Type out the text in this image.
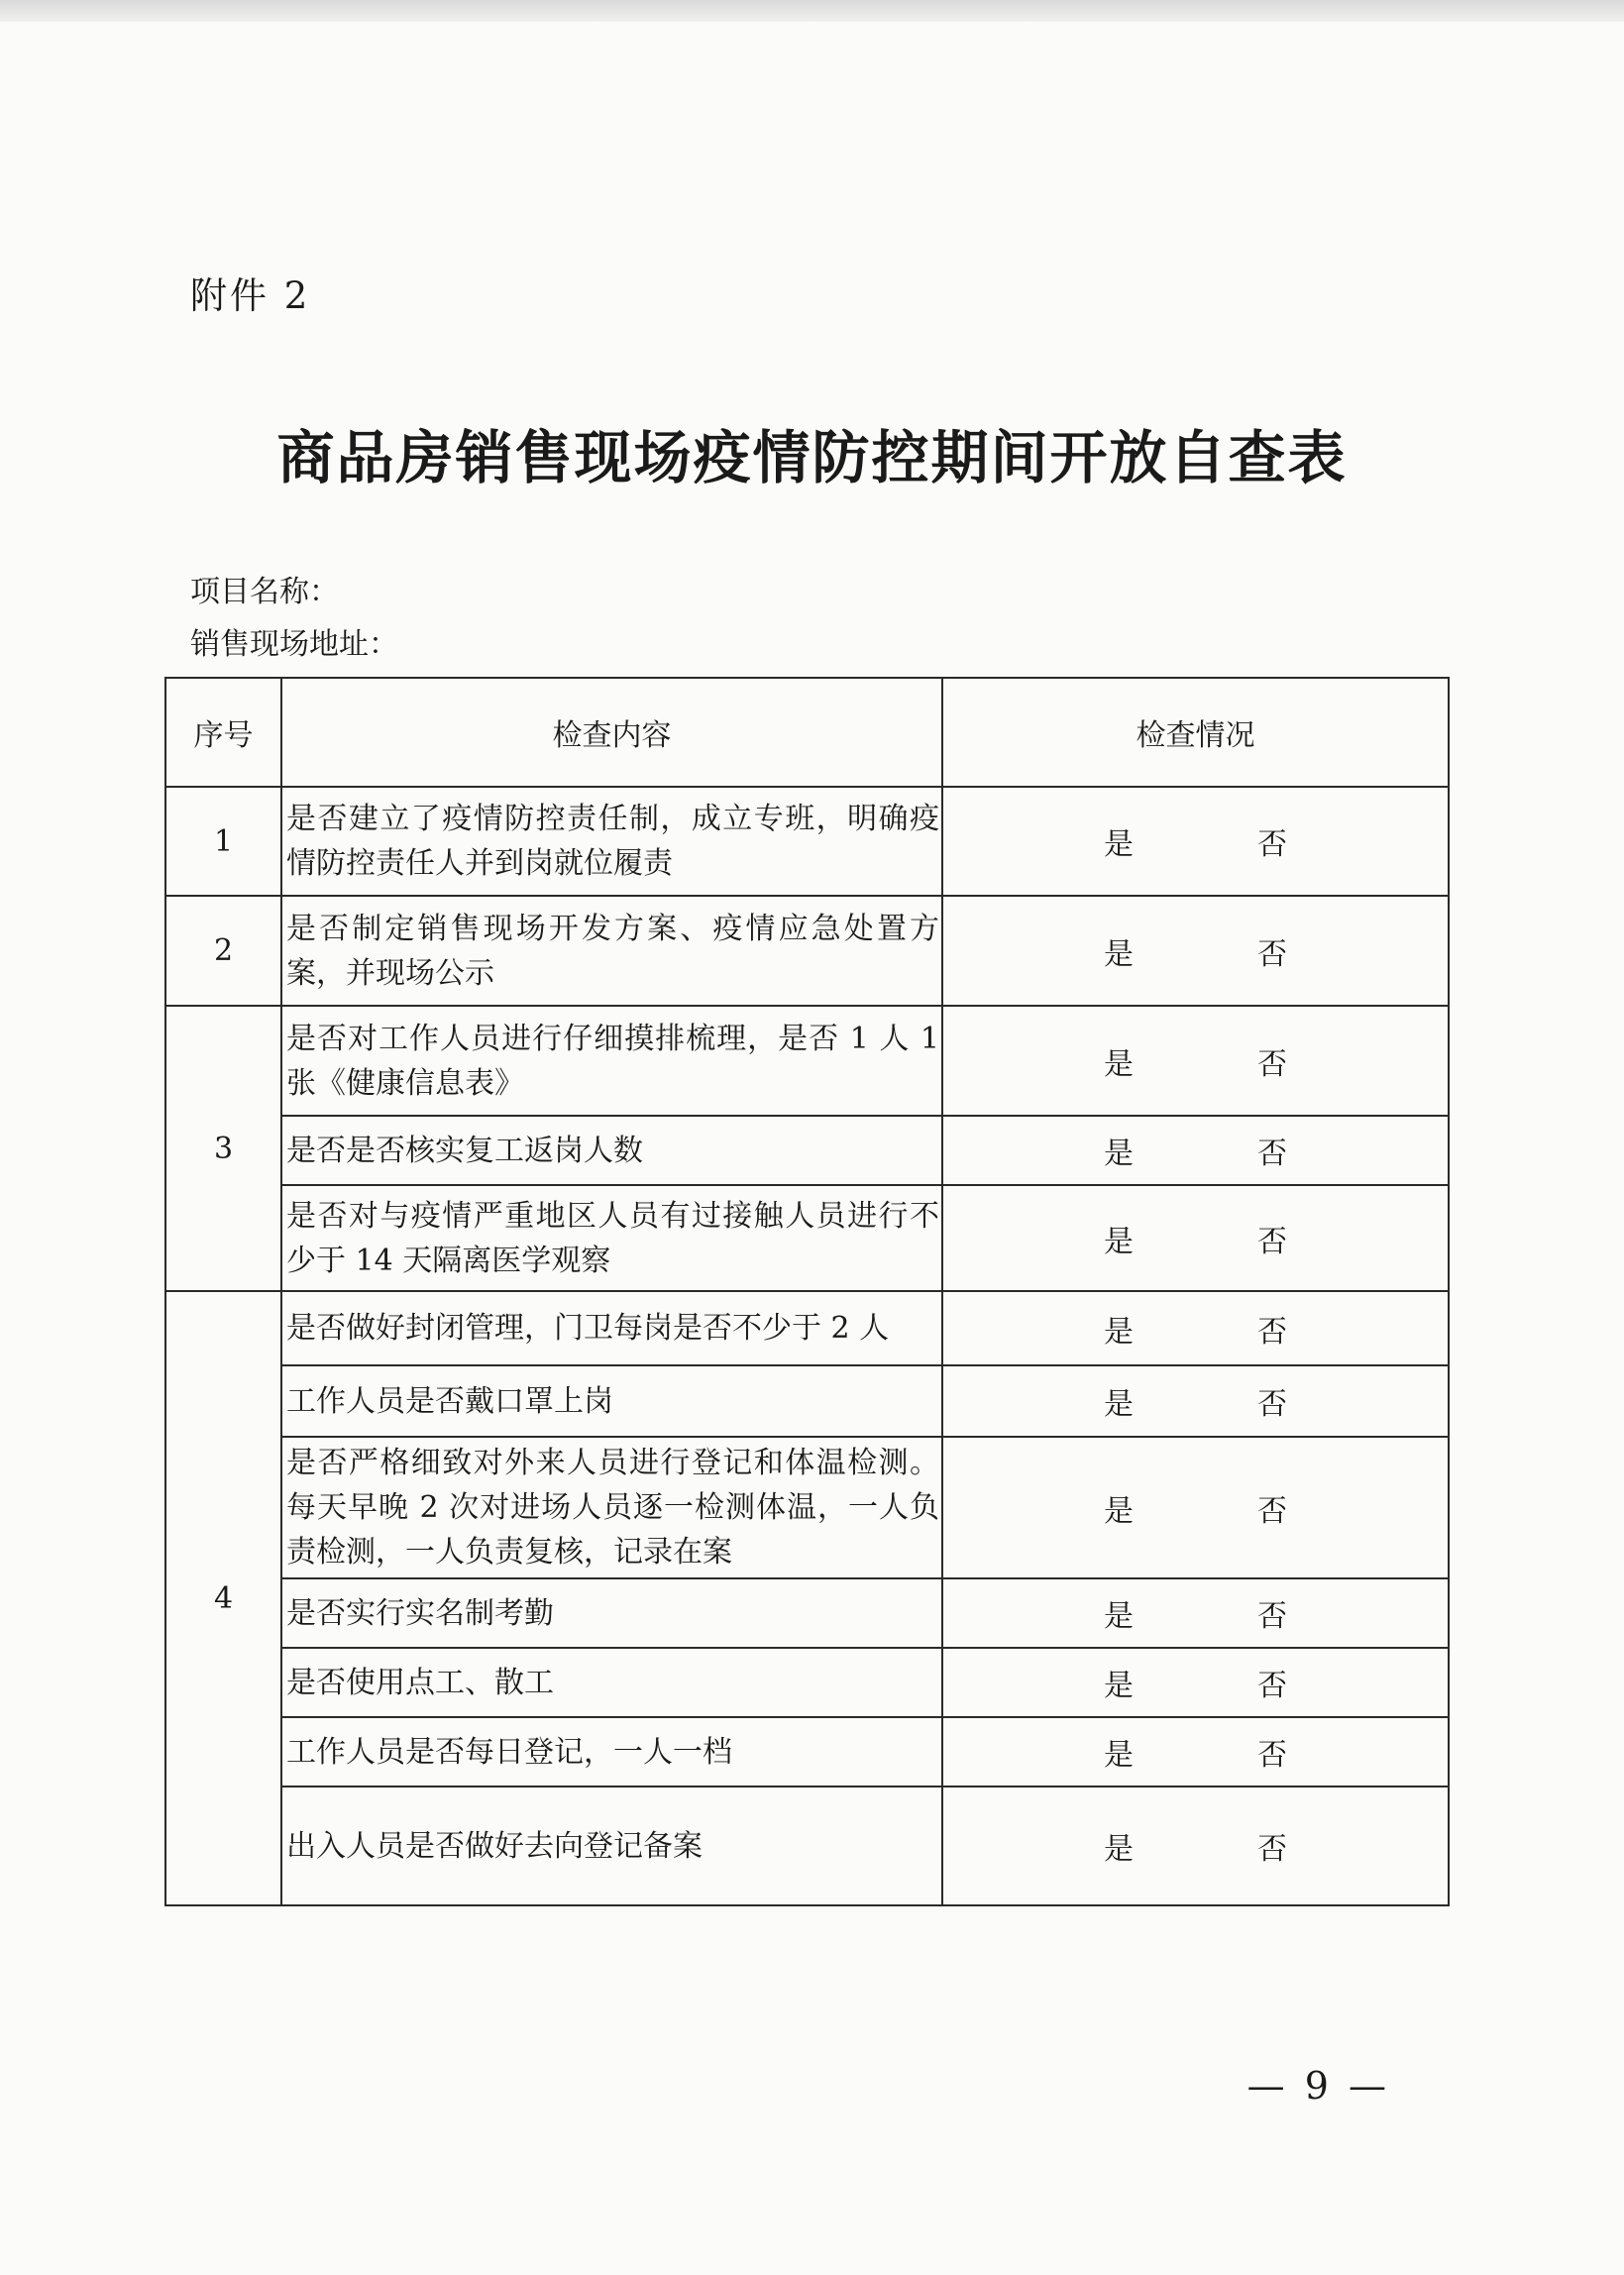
附件 2
商品房销售现场疫情防控期间开放自查表
项目名称：
销售现场地址：
序号	检查内容	检查情况
1	是否建立了疫情防控责任制，成立专班，明确疫情防控责任人并到岗就位履责	是 否

2	是否制定销售现场开发方案、疫情应急处置方案，并现场公示	是 否

3	是否对工作人员进行仔细摸排梳理，是否 1 人 1 张《健康信息表》	是 否

	是否是否核实复工返岗人数	是 否

	是否对与疫情严重地区人员有过接触人员进行不少于 14 天隔离医学观察	是 否

4	是否做好封闭管理，门卫每岗是否不少于 2 人	是 否

	工作人员是否戴口罩上岗	是 否

	是否严格细致对外来人员进行登记和体温检测。每天早晚 2 次对进场人员逐一检测体温，一人负责检测，一人负责复核，记录在案	是 否

	是否实行实名制考勤	是 否

	是否使用点工、散工	是 否

	工作人员是否每日登记，一人一档	是 否

	出入人员是否做好去向登记备案	是 否
— 9 —
